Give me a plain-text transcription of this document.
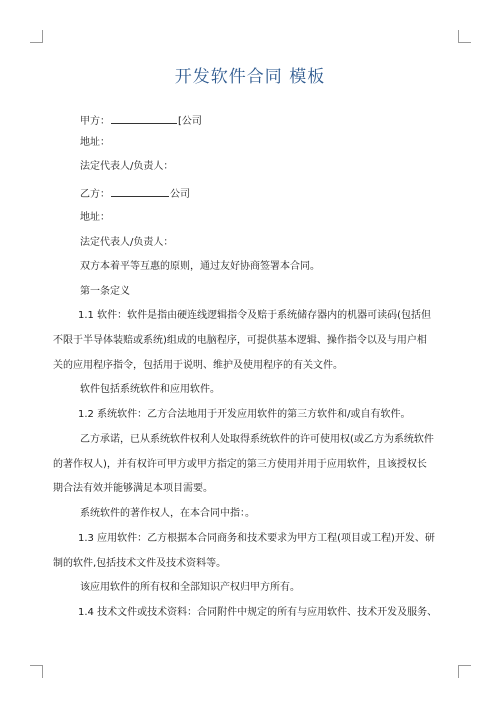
开发软件合同 模板
甲方：	[公司
地址：
法定代表人/负责人：
乙方：	公司
地址：
法定代表人/负责人：
双方本着平等互惠的原则，通过友好协商签署本合同。
第一条定义
1.1 软件：软件是指由硬连线逻辑指令及赔于系统储存器内的机器可读码(包括但
不限于半导体装赔或系统)组成的电脑程序，可提供基本逻辑、操作指令以及与用户相
关的应用程序指令，包括用于说明、维护及使用程序的有关文件。
软件包括系统软件和应用软件。
1.2 系统软件：乙方合法地用于开发应用软件的第三方软件和/或自有软件。
乙方承诺，已从系统软件权利人处取得系统软件的许可使用权(或乙方为系统软件
的著作权人)，并有权许可甲方或甲方指定的第三方使用并用于应用软件，且该授权长
期合法有效并能够满足本项目需要。
系统软件的著作权人，在本合同中指：。
1.3 应用软件：乙方根据本合同商务和技术要求为甲方工程(项目或工程)开发、研
制的软件,包括技术文件及技术资料等。
该应用软件的所有权和全部知识产权归甲方所有。
1.4 技术文件或技术资料：合同附件中规定的所有与应用软件、技术开发及服务、
